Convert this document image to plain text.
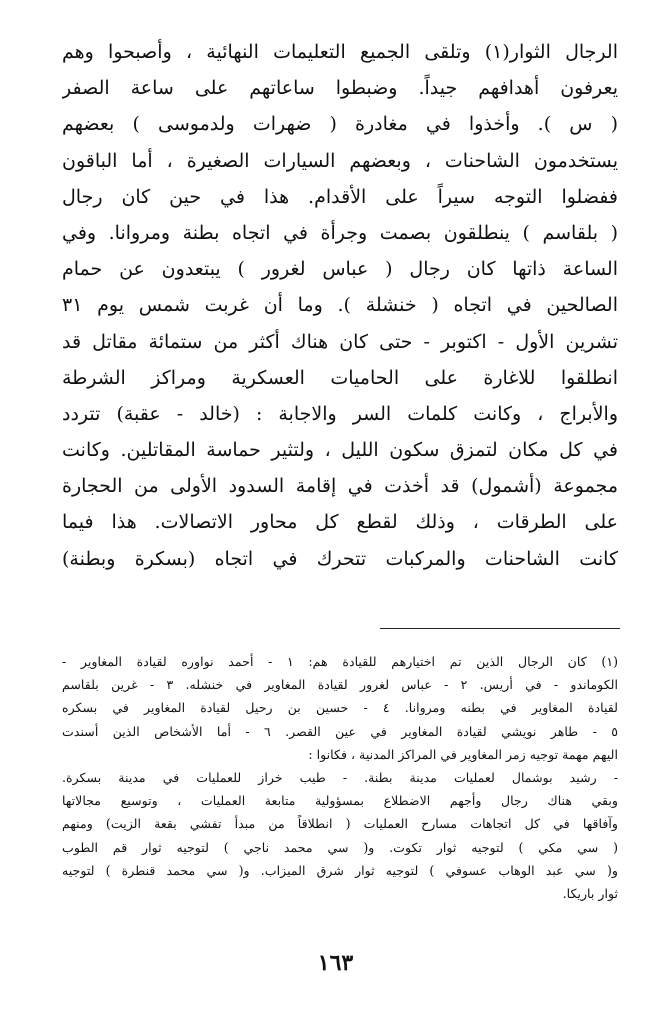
الرجال الثوار(١) وتلقى الجميع التعليمات النهائية ، وأصبحوا وهم
يعرفون أهدافهم جيداً. وضبطوا ساعاتهم على ساعة الصفر
( س ). وأخذوا في مغادرة ( ضهرات ولدموسى ) بعضهم
يستخدمون الشاحنات ، وبعضهم السيارات الصغيرة ، أما الباقون
ففضلوا التوجه سيراً على الأقدام. هذا في حين كان رجال
( بلقاسم ) ينطلقون بصمت وجرأة في اتجاه بطنة ومروانا. وفي
الساعة ذاتها كان رجال ( عباس لغرور ) يبتعدون عن حمام
الصالحين في اتجاه ( خنشلة ). وما أن غربت شمس يوم ٣١
تشرين الأول - اكتوبر - حتى كان هناك أكثر من ستمائة مقاتل قد
انطلقوا للاغارة على الحاميات العسكرية ومراكز الشرطة
والأبراج ، وكانت كلمات السر والاجابة : (خالد - عقبة) تتردد
في كل مكان لتمزق سكون الليل ، ولتثير حماسة المقاتلين. وكانت
مجموعة (أشمول) قد أخذت في إقامة السدود الأولى من الحجارة
على الطرقات ، وذلك لقطع كل محاور الاتصالات. هذا فيما
كانت الشاحنات والمركبات تتحرك في اتجاه (بسكرة وبطنة)
(١) كان الرجال الذين تم اختيارهم للقيادة هم: ١ - أحمد نواوره لقيادة المغاوير -
الكوماندو - في أريس. ٢ - عباس لغرور لقيادة المغاوير في خنشله. ٣ - غرين بلقاسم
لقيادة المغاوير في بطنه ومروانا. ٤ - حسين بن رحيل لقيادة المغاوير في بسكره
٥ - طاهر نويشي لقيادة المغاوير في عين القصر. ٦ - أما الأشخاص الذين أسندت
اليهم مهمة توجيه زمر المغاوير في المراكز المدنية ، فكانوا :
- رشيد بوشمال لعمليات مدينة بطنة. - طيب خراز للعمليات في مدينة بسكرة.
وبقي هناك رجال وأجهم الاضطلاع بمسؤولية متابعة العمليات ، وتوسيع مجالاتها
وآفاقها في كل اتجاهات مسارح العمليات ( انطلاقاً من مبدأ تفشي بقعة الزيت) ومنهم
( سي مكي ) لتوجيه ثوار تكوت. و( سي محمد ناجي ) لتوجيه ثوار قم الطوب
و( سي عبد الوهاب عسوفي ) لتوجيه ثوار شرق الميزاب. و( سي محمد قنطرة ) لتوجيه
ثوار باريكا.
١٦٣
